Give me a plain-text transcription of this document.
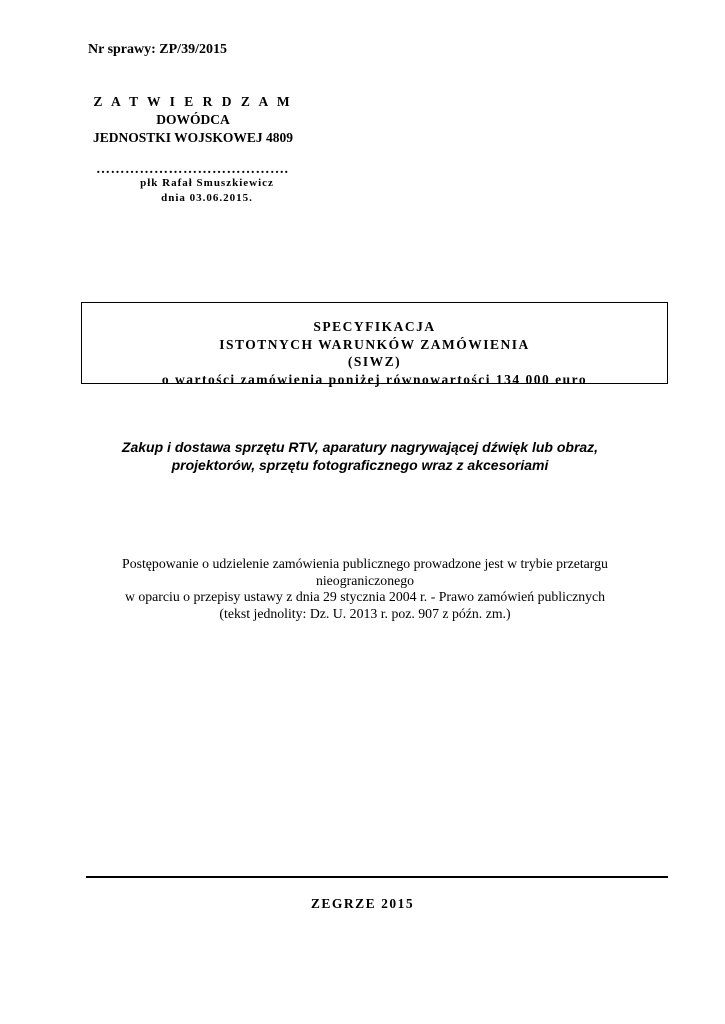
Nr sprawy: ZP/39/2015
Z A T W I E R D Z A M
DOWÓDCA
JEDNOSTKI WOJSKOWEJ 4809
………………………………….
płk Rafał Smuszkiewicz
dnia 03.06.2015.
SPECYFIKACJA
ISTOTNYCH WARUNKÓW ZAMÓWIENIA
(SIWZ)
o wartości zamówienia poniżej równowartości 134 000 euro
Zakup i dostawa sprzętu RTV, aparatury nagrywającej dźwięk lub obraz,
projektorów, sprzętu fotograficznego wraz z akcesoriami
Postępowanie o udzielenie zamówienia publicznego prowadzone jest w trybie przetargu
nieograniczonego
w oparciu o przepisy ustawy z dnia 29 stycznia 2004 r. - Prawo zamówień publicznych
(tekst jednolity: Dz. U. 2013 r. poz. 907 z późn. zm.)
ZEGRZE 2015
